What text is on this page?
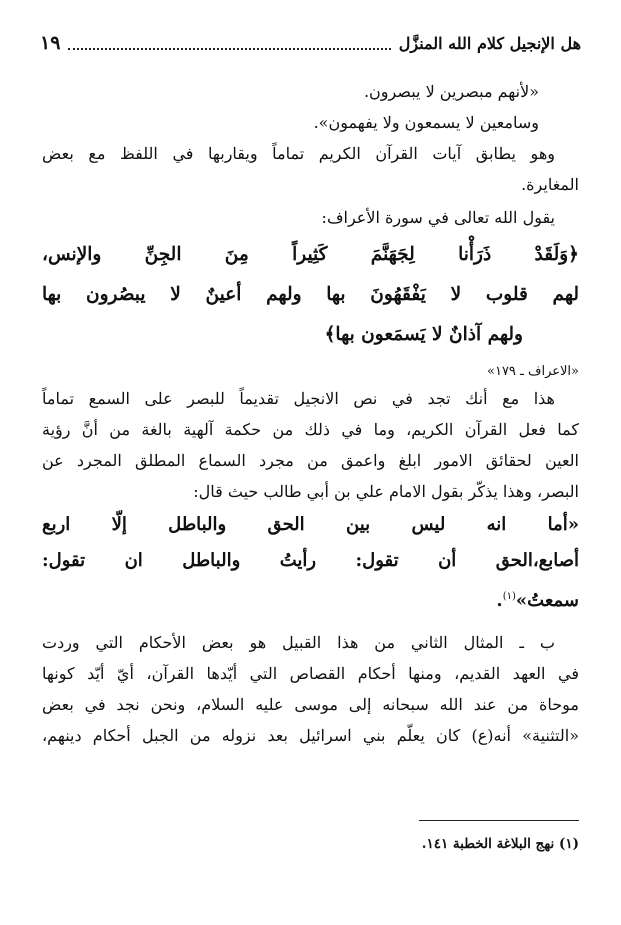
هل الإنجيل كلام الله المنزَّل
١٩

«لأنهم مبصرين لا يبصرون.

وسامعين لا يسمعون ولا يفهمون».

وهو يطابق آيات القرآن الكريم تماماً ويقاربها في اللفظ مع بعض

المغايرة.

يقول الله تعالى في سورة الأعراف:

﴿وَلَقَدْ ذَرَأْنا لِجَهَنَّمَ كَثِيراً مِنَ الجِنِّ والإنس،

لهم قلوب لا يَفْقَهُونَ بها ولهم أعينٌ لا يبصُرون بها

ولهم آذانٌ لا يَسمَعون بها﴾

«الاعراف ـ ١٧٩»

هذا مع أنك تجد في نص الانجيل تقديماً للبصر على السمع تماماً

كما فعل القرآن الكريم، وما في ذلك من حكمة آلهية بالغة من أنَّ رؤية

العين لحقائق الامور ابلغ واعمق من مجرد السماع المطلق المجرد عن

البصر، وهذا يذكّر بقول الامام علي بن أبي طالب حيث قال:

«أما انه ليس بين الحق والباطل إلّا اربع

أصابع،الحق أن تقول: رأيتُ والباطل ان تقول:

سمعتُ»$^{(١)}$.

ب ـ المثال الثاني من هذا القبيل هو بعض الأحكام التي وردت

في العهد القديم، ومنها أحكام القصاص التي أيّدها القرآن، أيّ أيّد كونها

موحاة من عند الله سبحانه إلى موسى عليه السلام، ونحن نجد في بعض

«التثنية» أنه(ع) كان يعلّم بني اسرائيل بعد نزوله من الجبل أحكام دينهم،

(١) نهج البلاغة الخطبة ١٤١.
